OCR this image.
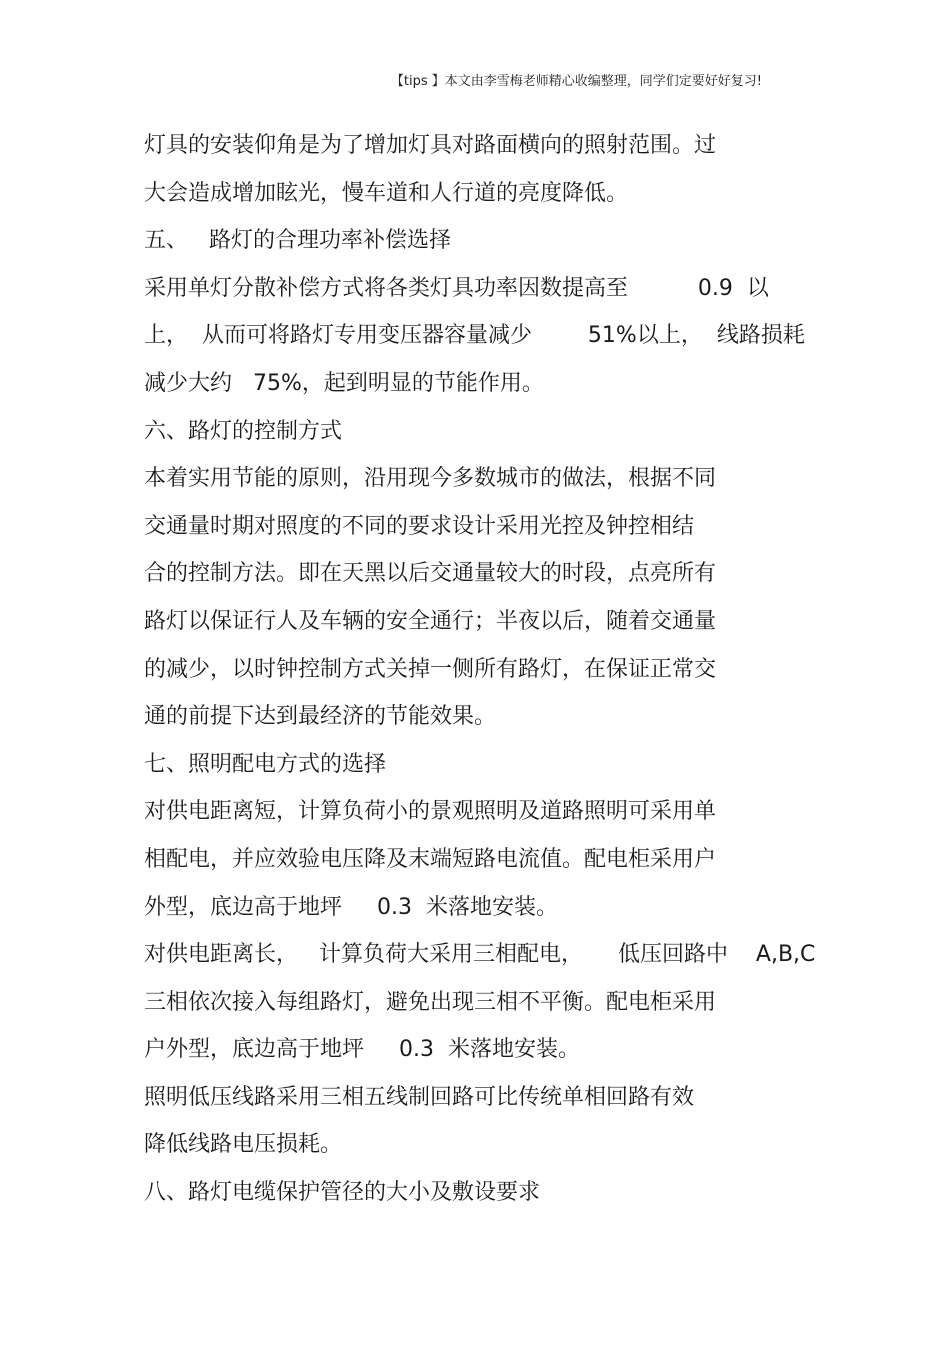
【tips 】本文由李雪梅老师精心收编整理，同学们定要好好复习!
灯具的安装仰角是为了增加灯具对路面横向的照射范围。过
大会造成增加眩光，慢车道和人行道的亮度降低。
五、   路灯的合理功率补偿选择
采用单灯分散补偿方式将各类灯具功率因数提高至          0.9  以
上，  从而可将路灯专用变压器容量减少        51%以上，  线路损耗
减少大约   75%，起到明显的节能作用。
六、路灯的控制方式
本着实用节能的原则，沿用现今多数城市的做法，根据不同
交通量时期对照度的不同的要求设计采用光控及钟控相结
合的控制方法。即在天黑以后交通量较大的时段，点亮所有
路灯以保证行人及车辆的安全通行；半夜以后，随着交通量
的减少，以时钟控制方式关掉一侧所有路灯，在保证正常交
通的前提下达到最经济的节能效果。
七、照明配电方式的选择
对供电距离短，计算负荷小的景观照明及道路照明可采用单
相配电，并应效验电压降及末端短路电流值。配电柜采用户
外型，底边高于地坪     0.3  米落地安装。
对供电距离长，   计算负荷大采用三相配电，     低压回路中    A,B,C
三相依次接入每组路灯，避免出现三相不平衡。配电柜采用
户外型，底边高于地坪     0.3  米落地安装。
照明低压线路采用三相五线制回路可比传统单相回路有效
降低线路电压损耗。
八、路灯电缆保护管径的大小及敷设要求
